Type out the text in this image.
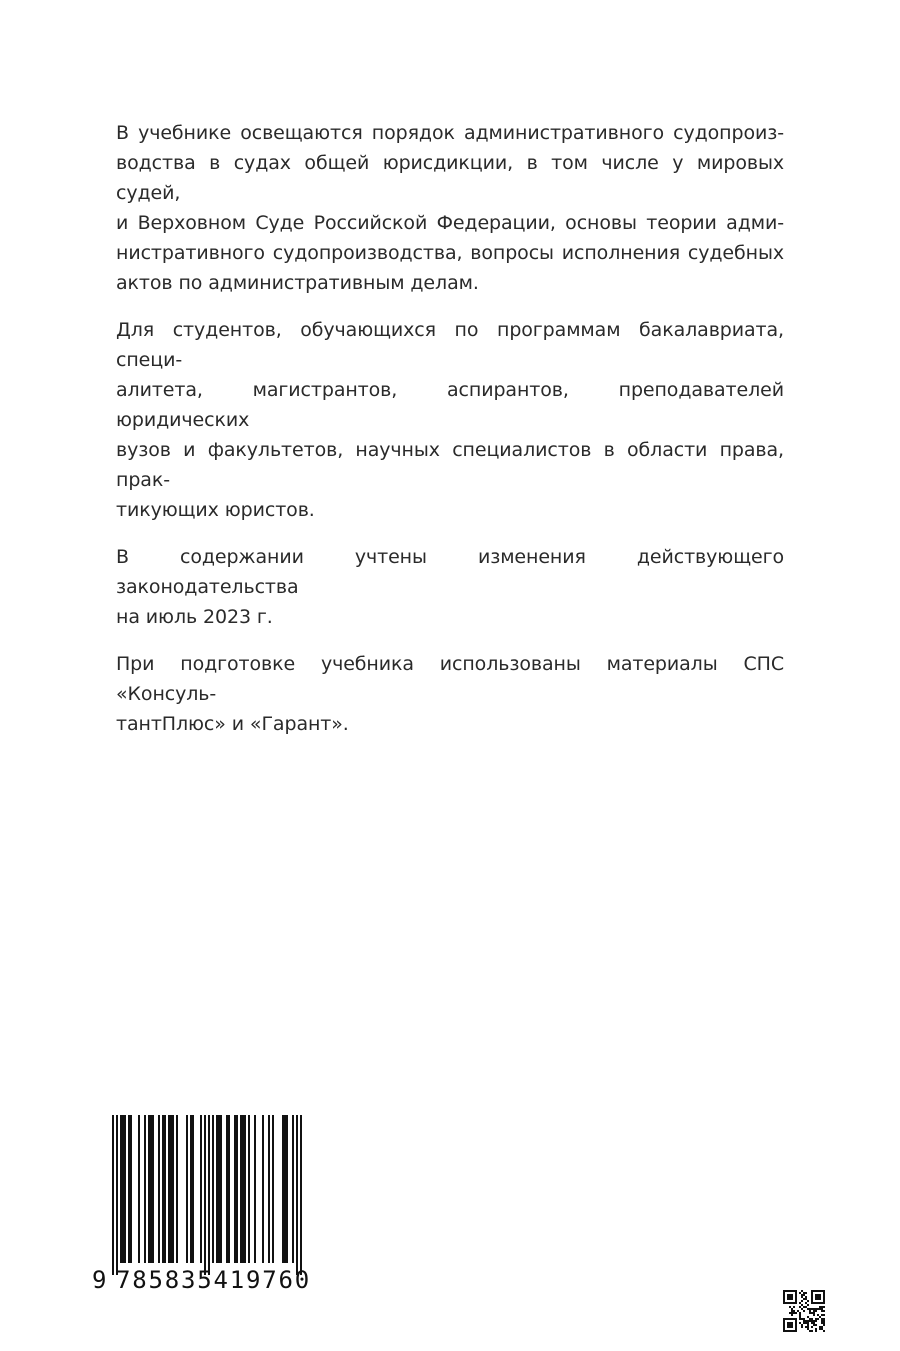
В учебнике освещаются порядок административного судопроиз-
водства в судах общей юрисдикции, в том числе у мировых судей,
и Верховном Суде Российской Федерации, основы теории адми-
нистративного судопроизводства, вопросы исполнения судебных
актов по административным делам.

Для студентов, обучающихся по программам бакалавриата, специ-
алитета, магистрантов, аспирантов, преподавателей юридических
вузов и факультетов, научных специалистов в области права, прак-
тикующих юристов.

В содержании учтены изменения действующего законодательства
на июль 2023 г.

При подготовке учебника использованы материалы СПС «Консуль-
тантПлюс» и «Гарант».

9 785835419760
